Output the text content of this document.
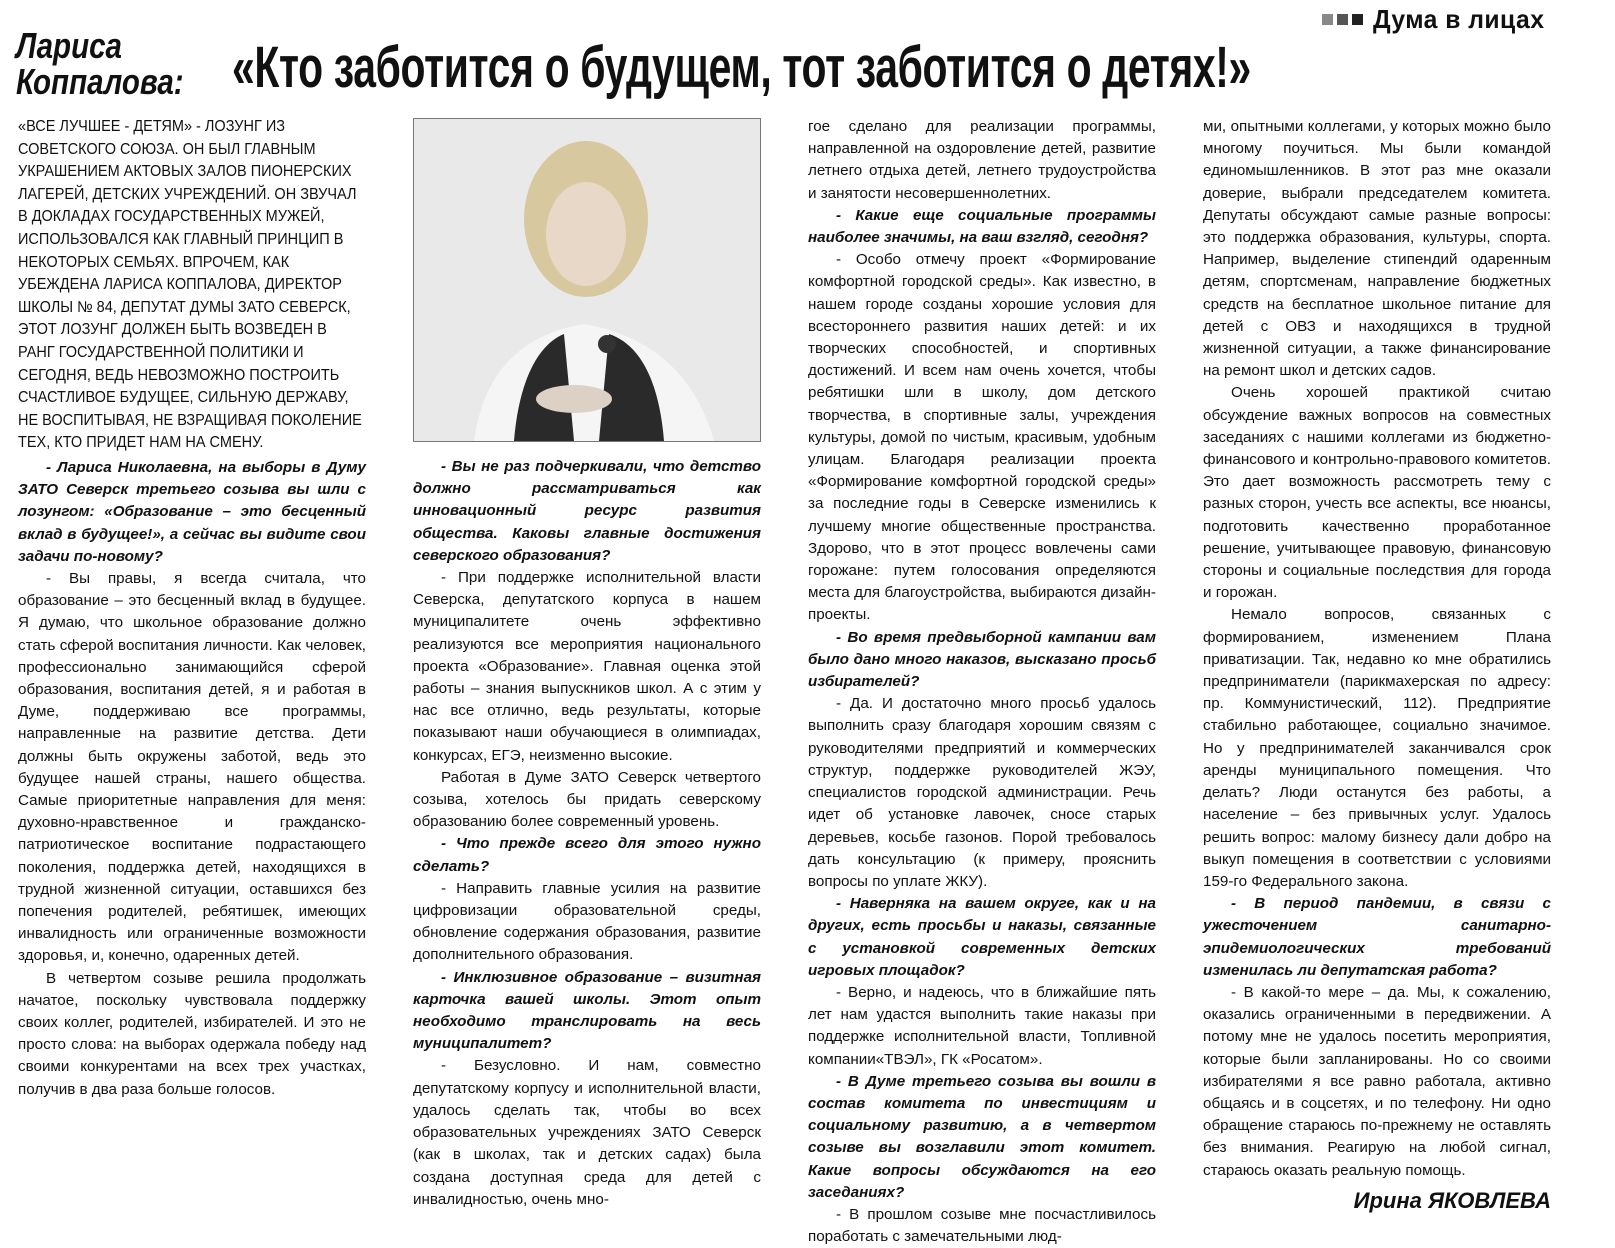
Дума в лицах
Лариса Коппалова: «Кто заботится о будущем, тот заботится о детях!»

«ВСЕ ЛУЧШЕЕ - ДЕТЯМ» - ЛОЗУНГ ИЗ СОВЕТСКОГО СОЮЗА. ОН БЫЛ ГЛАВНЫМ УКРАШЕНИЕМ АКТОВЫХ ЗАЛОВ ПИОНЕРСКИХ ЛАГЕРЕЙ, ДЕТСКИХ УЧРЕЖДЕНИЙ. ОН ЗВУЧАЛ В ДОКЛАДАХ ГОСУДАРСТВЕННЫХ МУЖЕЙ, ИСПОЛЬЗОВАЛСЯ КАК ГЛАВНЫЙ ПРИНЦИП В НЕКОТОРЫХ СЕМЬЯХ. ВПРОЧЕМ, КАК УБЕЖДЕНА ЛАРИСА КОППАЛОВА, ДИРЕКТОР ШКОЛЫ № 84, ДЕПУТАТ ДУМЫ ЗАТО СЕВЕРСК, ЭТОТ ЛОЗУНГ ДОЛЖЕН БЫТЬ ВОЗВЕДЕН В РАНГ ГОСУДАРСТВЕННОЙ ПОЛИТИКИ И СЕГОДНЯ, ВЕДЬ НЕВОЗМОЖНО ПОСТРОИТЬ СЧАСТЛИВОЕ БУДУЩЕЕ, СИЛЬНУЮ ДЕРЖАВУ, НЕ ВОСПИТЫВАЯ, НЕ ВЗРАЩИВАЯ ПОКОЛЕНИЕ ТЕХ, КТО ПРИДЕТ НАМ НА СМЕНУ.

- Лариса Николаевна, на выборы в Думу ЗАТО Северск третьего созыва вы шли с лозунгом: «Образование – это бесценный вклад в будущее!», а сейчас вы видите свои задачи по-новому?

- Вы правы, я всегда считала, что образование – это бесценный вклад в будущее. Я думаю, что школьное образование должно стать сферой воспитания личности. Как человек, профессионально занимающийся сферой образования, воспитания детей, я и работая в Думе, поддерживаю все программы, направленные на развитие детства. Дети должны быть окружены заботой, ведь это будущее нашей страны, нашего общества. Самые приоритетные направления для меня: духовно-нравственное и гражданско-патриотическое воспитание подрастающего поколения, поддержка детей, находящихся в трудной жизненной ситуации, оставшихся без попечения родителей, ребятишек, имеющих инвалидность или ограниченные возможности здоровья, и, конечно, одаренных детей.

В четвертом созыве решила продолжать начатое, поскольку чувствовала поддержку своих коллег, родителей, избирателей. И это не просто слова: на выборах одержала победу над своими конкурентами на всех трех участках, получив в два раза больше голосов.

- Вы не раз подчеркивали, что детство должно рассматриваться как инновационный ресурс развития общества. Каковы главные достижения северского образования?

- При поддержке исполнительной власти Северска, депутатского корпуса в нашем муниципалитете очень эффективно реализуются все мероприятия национального проекта «Образование». Главная оценка этой работы – знания выпускников школ. А с этим у нас все отлично, ведь результаты, которые показывают наши обучающиеся в олимпиадах, конкурсах, ЕГЭ, неизменно высокие.

Работая в Думе ЗАТО Северск четвертого созыва, хотелось бы придать северскому образованию более современный уровень.

- Что прежде всего для этого нужно сделать?

- Направить главные усилия на развитие цифровизации образовательной среды, обновление содержания образования, развитие дополнительного образования.

- Инклюзивное образование – визитная карточка вашей школы. Этот опыт необходимо транслировать на весь муниципалитет?

- Безусловно. И нам, совместно депутатскому корпусу и исполнительной власти, удалось сделать так, чтобы во всех образовательных учреждениях ЗАТО Северск (как в школах, так и детских садах) была создана доступная среда для детей с инвалидностью, очень мно-

гое сделано для реализации программы, направленной на оздоровление детей, развитие летнего отдыха детей, летнего трудоустройства и занятости несовершеннолетних.

- Какие еще социальные программы наиболее значимы, на ваш взгляд, сегодня?

- Особо отмечу проект «Формирование комфортной городской среды». Как известно, в нашем городе созданы хорошие условия для всестороннего развития наших детей: и их творческих способностей, и спортивных достижений. И всем нам очень хочется, чтобы ребятишки шли в школу, дом детского творчества, в спортивные залы, учреждения культуры, домой по чистым, красивым, удобным улицам. Благодаря реализации проекта «Формирование комфортной городской среды» за последние годы в Северске изменились к лучшему многие общественные пространства. Здорово, что в этот процесс вовлечены сами горожане: путем голосования определяются места для благоустройства, выбираются дизайн-проекты.

- Во время предвыборной кампании вам было дано много наказов, высказано просьб избирателей?

- Да. И достаточно много просьб удалось выполнить сразу благодаря хорошим связям с руководителями предприятий и коммерческих структур, поддержке руководителей ЖЭУ, специалистов городской администрации. Речь идет об установке лавочек, сносе старых деревьев, косьбе газонов. Порой требовалось дать консультацию (к примеру, прояснить вопросы по уплате ЖКУ).

- Наверняка на вашем округе, как и на других, есть просьбы и наказы, связанные с установкой современных детских игровых площадок?

- Верно, и надеюсь, что в ближайшие пять лет нам удастся выполнить такие наказы при поддержке исполнительной власти, Топливной компании«ТВЭЛ», ГК «Росатом».

- В Думе третьего созыва вы вошли в состав комитета по инвестициям и социальному развитию, а в четвертом созыве вы возглавили этот комитет. Какие вопросы обсуждаются на его заседаниях?

- В прошлом созыве мне посчастливилось поработать с замечательными люд-

ми, опытными коллегами, у которых можно было многому поучиться. Мы были командой единомышленников. В этот раз мне оказали доверие, выбрали председателем комитета. Депутаты обсуждают самые разные вопросы: это поддержка образования, культуры, спорта. Например, выделение стипендий одаренным детям, спортсменам, направление бюджетных средств на бесплатное школьное питание для детей с ОВЗ и находящихся в трудной жизненной ситуации, а также финансирование на ремонт школ и детских садов.

Очень хорошей практикой считаю обсуждение важных вопросов на совместных заседаниях с нашими коллегами из бюджетно-финансового и контрольно-правового комитетов. Это дает возможность рассмотреть тему с разных сторон, учесть все аспекты, все нюансы, подготовить качественно проработанное решение, учитывающее правовую, финансовую стороны и социальные последствия для города и горожан.

Немало вопросов, связанных с формированием, изменением Плана приватизации. Так, недавно ко мне обратились предприниматели (парикмахерская по адресу: пр. Коммунистический, 112). Предприятие стабильно работающее, социально значимое. Но у предпринимателей заканчивался срок аренды муниципального помещения. Что делать? Люди останутся без работы, а население – без привычных услуг. Удалось решить вопрос: малому бизнесу дали добро на выкуп помещения в соответствии с условиями 159-го Федерального закона.

- В период пандемии, в связи с ужесточением санитарно-эпидемиологических требований изменилась ли депутатская работа?

- В какой-то мере – да. Мы, к сожалению, оказались ограниченными в передвижении. А потому мне не удалось посетить мероприятия, которые были запланированы. Но со своими избирателями я все равно работала, активно общаясь и в соцсетях, и по телефону. Ни одно обращение стараюсь по-прежнему не оставлять без внимания. Реагирую на любой сигнал, стараюсь оказать реальную помощь.

Ирина ЯКОВЛЕВА
